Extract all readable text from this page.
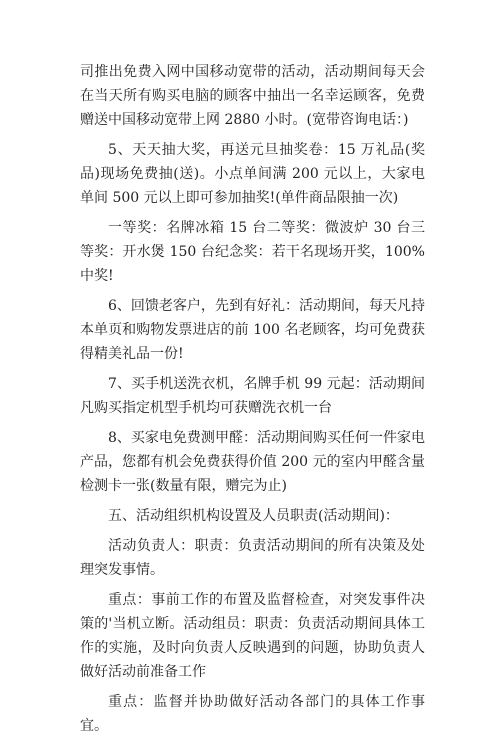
司推出免费入网中国移动宽带的活动，活动期间每天会在当天所有购买电脑的顾客中抽出一名幸运顾客，免费赠送中国移动宽带上网 2880 小时。(宽带咨询电话：)

5、天天抽大奖，再送元旦抽奖卷：15 万礼品(奖品)现场免费抽(送)。小点单间满 200 元以上，大家电单间 500 元以上即可参加抽奖!(单件商品限抽一次)

一等奖：名牌冰箱 15 台二等奖：微波炉 30 台三等奖：开水煲 150 台纪念奖：若干名现场开奖，100%中奖!

6、回馈老客户，先到有好礼：活动期间，每天凡持本单页和购物发票进店的前 100 名老顾客，均可免费获得精美礼品一份!

7、买手机送洗衣机，名牌手机 99 元起：活动期间凡购买指定机型手机均可获赠洗衣机一台

8、买家电免费测甲醛：活动期间购买任何一件家电产品，您都有机会免费获得价值 200 元的室内甲醛含量检测卡一张(数量有限，赠完为止)

五、活动组织机构设置及人员职责(活动期间)：

活动负责人：职责：负责活动期间的所有决策及处理突发事情。

重点：事前工作的布置及监督检查，对突发事件决策的'当机立断。活动组员：职责：负责活动期间具体工作的实施，及时向负责人反映遇到的问题，协助负责人做好活动前准备工作

重点：监督并协助做好活动各部门的具体工作事宜。
